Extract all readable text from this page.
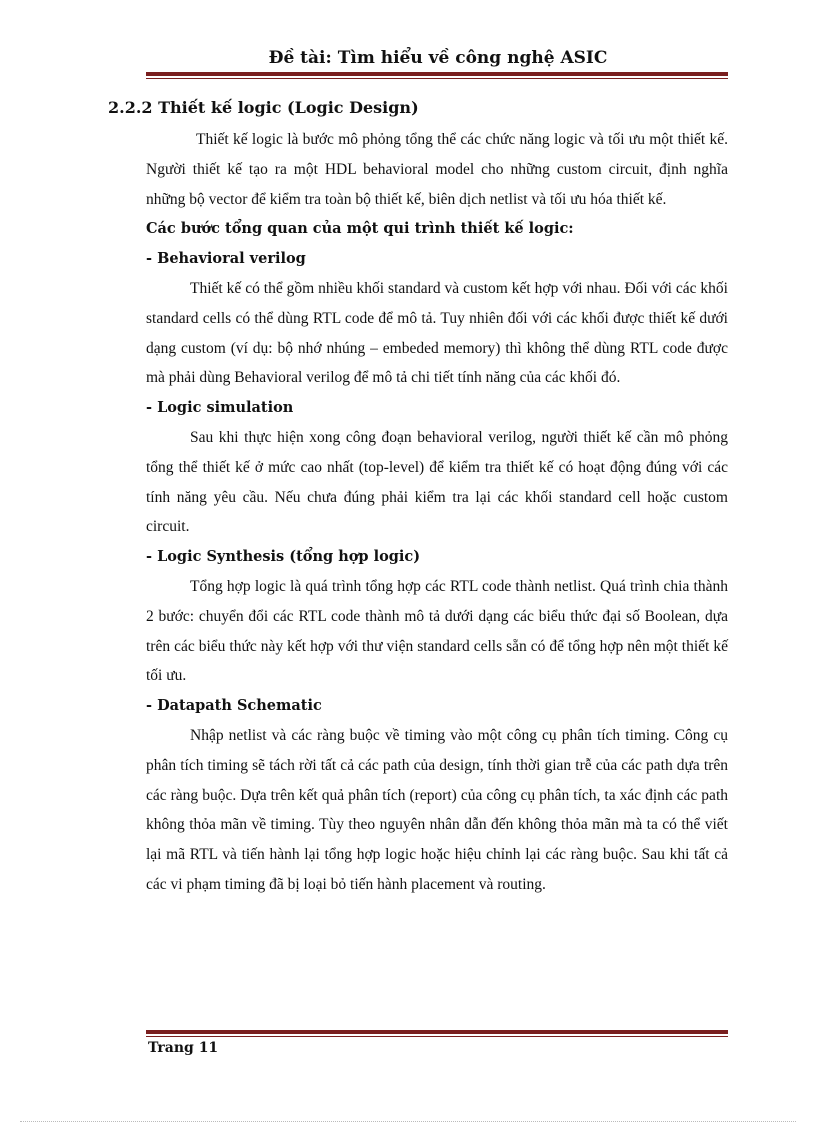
Đề tài: Tìm hiểu về công nghệ ASIC
2.2.2 Thiết kế logic (Logic Design)

Thiết kế logic là bước mô phỏng tổng thể các chức năng logic và tối ưu một thiết kế. Người thiết kế tạo ra một HDL behavioral model cho những custom circuit, định nghĩa những bộ vector để kiểm tra toàn bộ thiết kế, biên dịch netlist và tối ưu hóa thiết kế.

Các bước tổng quan của một qui trình thiết kế logic:

- Behavioral verilog

Thiết kế có thể gồm nhiều khối standard và custom kết hợp với nhau. Đối với các khối standard cells có thể dùng RTL code để mô tả. Tuy nhiên đối với các khối được thiết kế dưới dạng custom (ví dụ: bộ nhớ nhúng – embeded memory) thì không thể dùng RTL code được mà phải dùng Behavioral verilog để mô tả chi tiết tính năng của các khối đó.

- Logic simulation

Sau khi thực hiện xong công đoạn behavioral verilog, người thiết kế cần mô phỏng tổng thể thiết kế ở mức cao nhất (top-level) để kiểm tra thiết kế có hoạt động đúng với các tính năng yêu cầu. Nếu chưa đúng phải kiểm tra lại các khối standard cell hoặc custom circuit.

- Logic Synthesis (tổng hợp logic)

Tổng hợp logic là quá trình tổng hợp các RTL code thành netlist. Quá trình chia thành 2 bước: chuyển đổi các RTL code thành mô tả dưới dạng các biểu thức đại số Boolean, dựa trên các biểu thức này kết hợp với thư viện standard cells sẵn có để tổng hợp nên một thiết kế tối ưu.

- Datapath Schematic

Nhập netlist và các ràng buộc về timing vào một công cụ phân tích timing. Công cụ phân tích timing sẽ tách rời tất cả các path của design, tính thời gian trễ của các path dựa trên các ràng buộc. Dựa trên kết quả phân tích (report) của công cụ phân tích, ta xác định các path không thỏa mãn về timing. Tùy theo nguyên nhân dẫn đến không thỏa mãn mà ta có thể viết lại mã RTL và tiến hành lại tổng hợp logic hoặc hiệu chỉnh lại các ràng buộc. Sau khi tất cả các vi phạm timing đã bị loại bỏ tiến hành placement và routing.

Trang 11
